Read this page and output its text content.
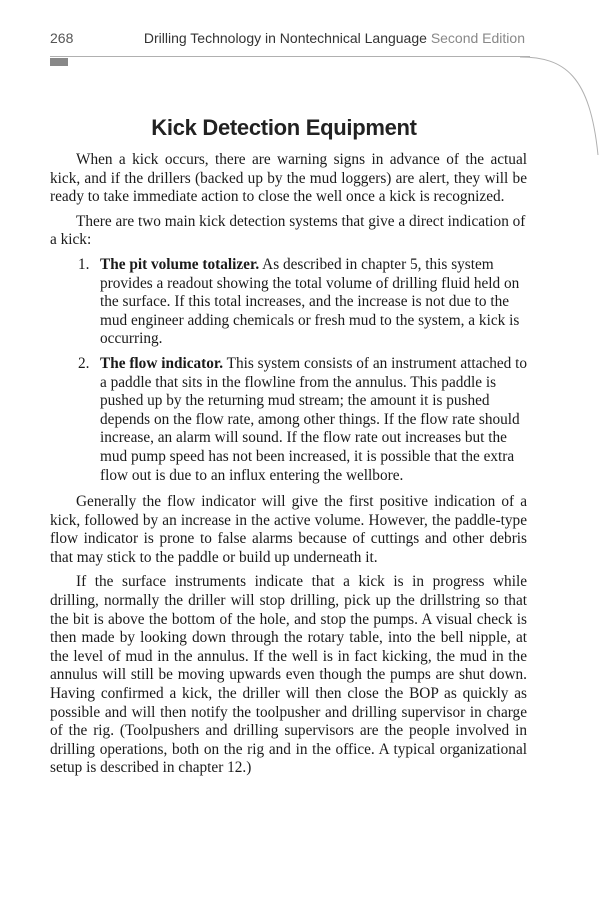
268	Drilling Technology in Nontechnical Language Second Edition
Kick Detection Equipment

When a kick occurs, there are warning signs in advance of the actual kick, and if the drillers (backed up by the mud loggers) are alert, they will be ready to take immediate action to close the well once a kick is recognized.

There are two main kick detection systems that give a direct indication of a kick:

1. The pit volume totalizer. As described in chapter 5, this system provides a readout showing the total volume of drilling fluid held on the surface. If this total increases, and the increase is not due to the mud engineer adding chemicals or fresh mud to the system, a kick is occurring.
2. The flow indicator. This system consists of an instrument attached to a paddle that sits in the flowline from the annulus. This paddle is pushed up by the returning mud stream; the amount it is pushed depends on the flow rate, among other things. If the flow rate should increase, an alarm will sound. If the flow rate out increases but the mud pump speed has not been increased, it is possible that the extra flow out is due to an influx entering the wellbore.

Generally the flow indicator will give the first positive indication of a kick, followed by an increase in the active volume. However, the paddle-type flow indicator is prone to false alarms because of cuttings and other debris that may stick to the paddle or build up underneath it.

If the surface instruments indicate that a kick is in progress while drilling, normally the driller will stop drilling, pick up the drillstring so that the bit is above the bottom of the hole, and stop the pumps. A visual check is then made by looking down through the rotary table, into the bell nipple, at the level of mud in the annulus. If the well is in fact kicking, the mud in the annulus will still be moving upwards even though the pumps are shut down. Having confirmed a kick, the driller will then close the BOP as quickly as possible and will then notify the toolpusher and drilling supervisor in charge of the rig. (Toolpushers and drilling supervisors are the people involved in drilling operations, both on the rig and in the office. A typical organizational setup is described in chapter 12.)
